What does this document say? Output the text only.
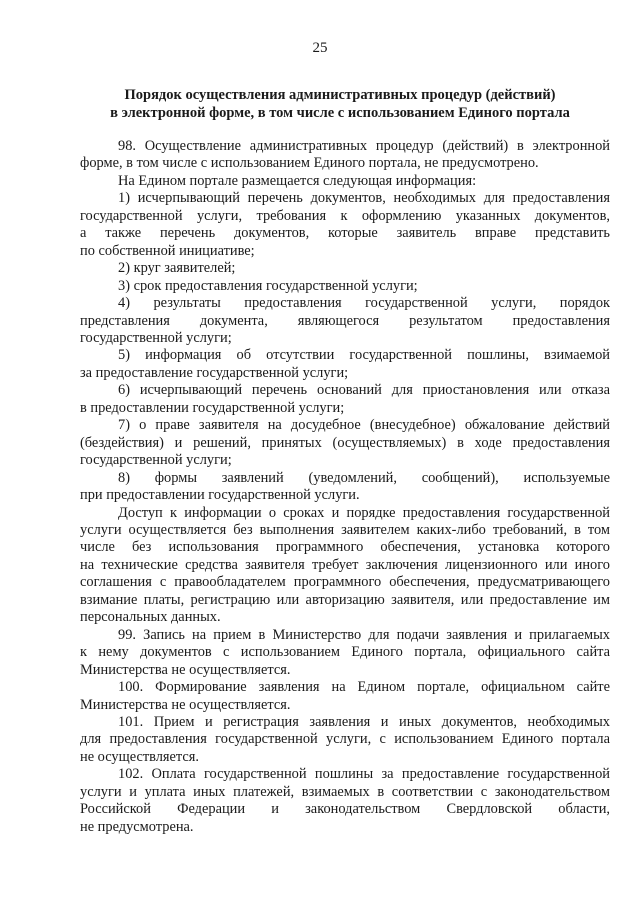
25
Порядок осуществления административных процедур (действий)
в электронной форме, в том числе с использованием Единого портала
98. Осуществление административных процедур (действий) в электронной
форме, в том числе с использованием Единого портала, не предусмотрено.
На Едином портале размещается следующая информация:
1) исчерпывающий перечень документов, необходимых для предоставления
государственной услуги, требования к оформлению указанных документов,
а также перечень документов, которые заявитель вправе представить
по собственной инициативе;
2) круг заявителей;
3) срок предоставления государственной услуги;
4) результаты предоставления государственной услуги, порядок
представления документа, являющегося результатом предоставления
государственной услуги;
5) информация об отсутствии государственной пошлины, взимаемой
за предоставление государственной услуги;
6) исчерпывающий перечень оснований для приостановления или отказа
в предоставлении государственной услуги;
7) о праве заявителя на досудебное (внесудебное) обжалование действий
(бездействия) и решений, принятых (осуществляемых) в ходе предоставления
государственной услуги;
8) формы заявлений (уведомлений, сообщений), используемые
при предоставлении государственной услуги.
Доступ к информации о сроках и порядке предоставления государственной
услуги осуществляется без выполнения заявителем каких-либо требований, в том
числе без использования программного обеспечения, установка которого
на технические средства заявителя требует заключения лицензионного или иного
соглашения с правообладателем программного обеспечения, предусматривающего
взимание платы, регистрацию или авторизацию заявителя, или предоставление им
персональных данных.
99. Запись на прием в Министерство для подачи заявления и прилагаемых
к нему документов с использованием Единого портала, официального сайта
Министерства не осуществляется.
100. Формирование заявления на Едином портале, официальном сайте
Министерства не осуществляется.
101. Прием и регистрация заявления и иных документов, необходимых
для предоставления государственной услуги, с использованием Единого портала
не осуществляется.
102. Оплата государственной пошлины за предоставление государственной
услуги и уплата иных платежей, взимаемых в соответствии с законодательством
Российской Федерации и законодательством Свердловской области,
не предусмотрена.
